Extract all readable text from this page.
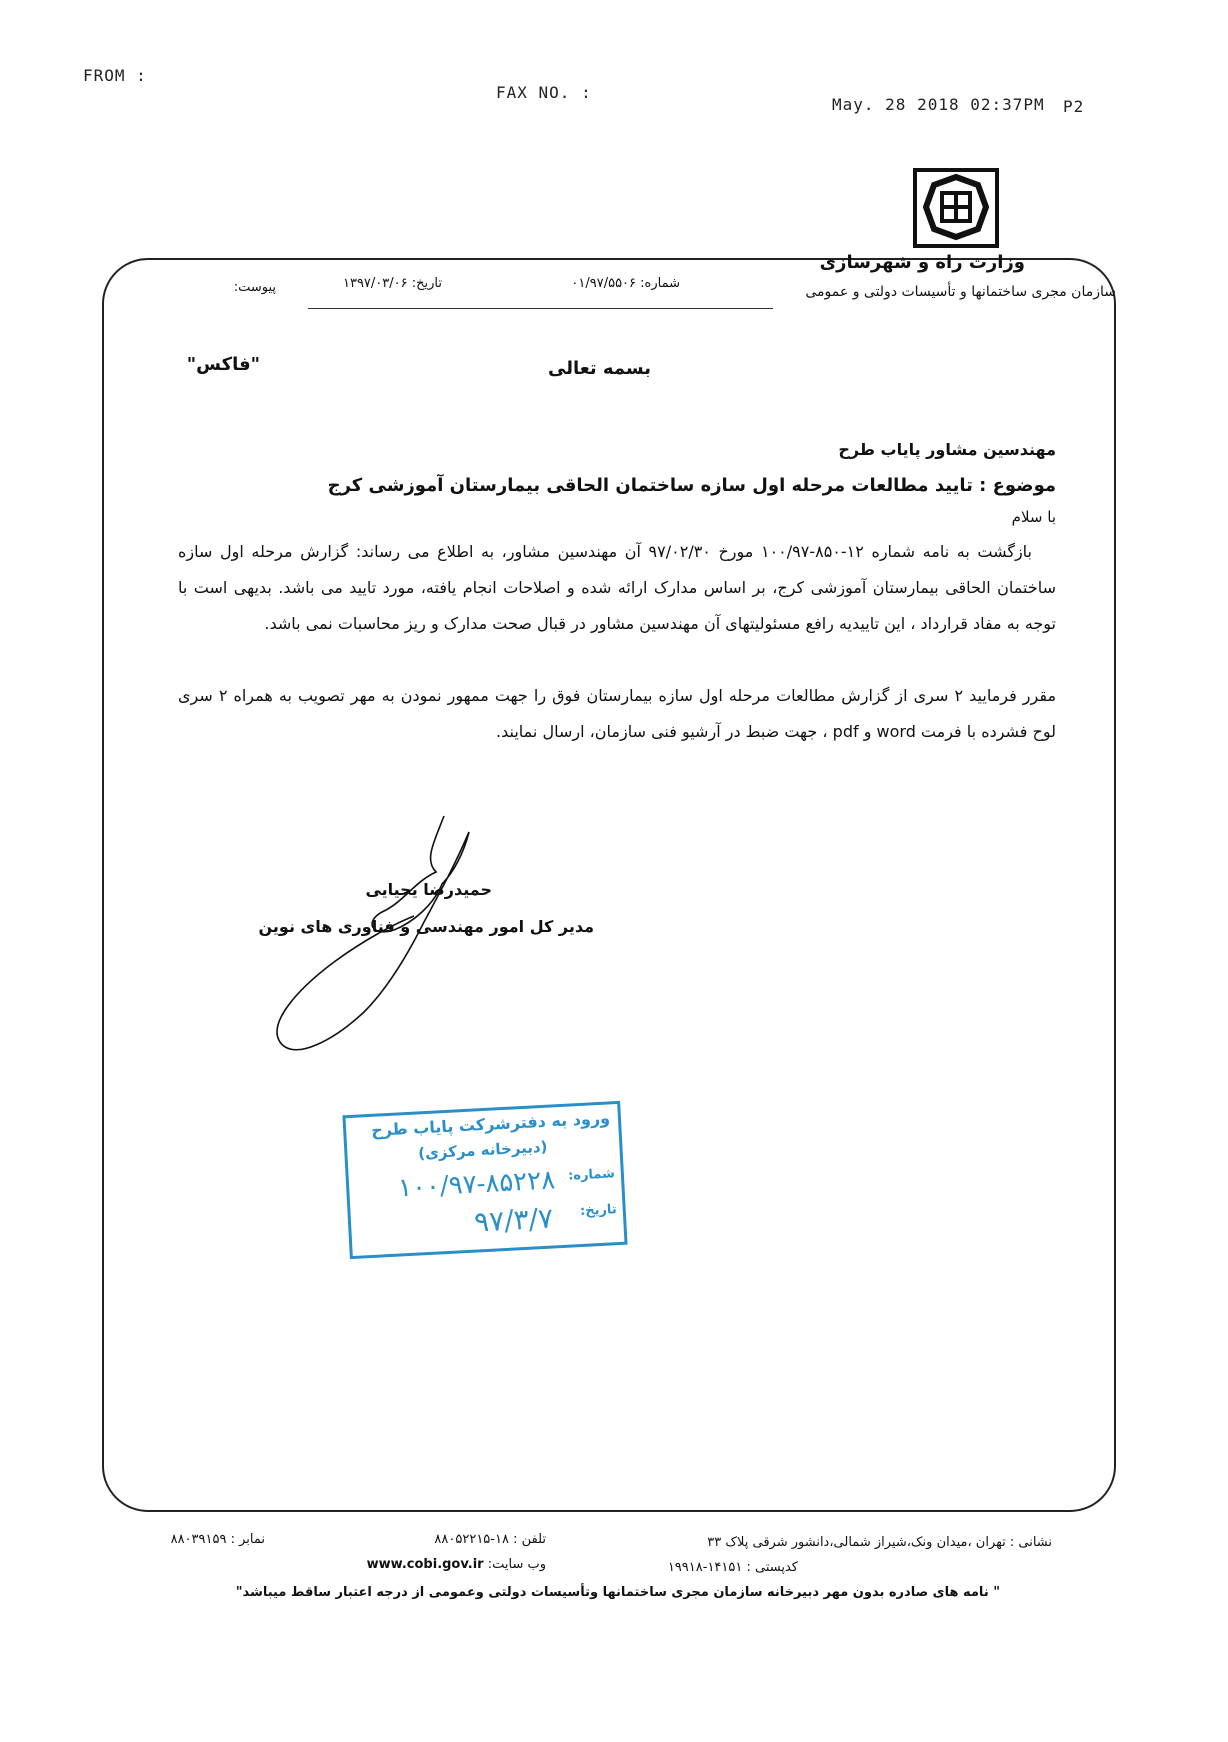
FROM :
FAX NO. :
May. 28 2018 02:37PM P2
وزارت راه و شهرسازی
سازمان مجری ساختمانها و تأسیسات دولتی و عمومی
شماره: ۰۱/۹۷/۵۵۰۶
تاریخ: ۱۳۹۷/۰۳/۰۶
پیوست:
بسمه تعالی
"فاکس"
مهندسین مشاور پایاب طرح
موضوع : تایید مطالعات مرحله اول سازه ساختمان الحاقی بیمارستان آموزشی کرج
با سلام
بازگشت به نامه شماره ۱۲-۸۵۰-۱۰۰/۹۷ مورخ ۹۷/۰۲/۳۰ آن مهندسین مشاور، به اطلاع می رساند: گزارش مرحله اول سازه ساختمان الحاقی بیمارستان آموزشی کرج، بر اساس مدارک ارائه شده و اصلاحات انجام یافته، مورد تایید می باشد. بدیهی است با توجه به مفاد قرارداد ، این تاییدیه رافع مسئولیتهای آن مهندسین مشاور در قبال صحت مدارک و ریز محاسبات نمی باشد.
مقرر فرمایید ۲ سری از گزارش مطالعات مرحله اول سازه بیمارستان فوق را جهت ممهور نمودن به مهر تصویب به همراه ۲ سری لوح فشرده با فرمت word و pdf ، جهت ضبط در آرشیو فنی سازمان، ارسال نمایند.
حمیدرضا یحیایی
مدیر کل امور مهندسی و فناوری های نوین
ورود به دفترشرکت پایاب طرح
(دبیرخانه مرکزی)
شماره:
۱۰۰/۹۷-۸۵۲۲۸
تاریخ:
۹۷/۳/۷
نشانی : تهران ،میدان ونک،شیراز شمالی،دانشور شرقی پلاک ۳۳
کدپستی : ۱۴۱۵۱-۱۹۹۱۸
تلفن : ۱۸-۸۸۰۵۲۲۱۵
وب سایت: www.cobi.gov.ir
نمابر : ۸۸۰۳۹۱۵۹
" نامه های صادره بدون مهر دبیرخانه سازمان مجری ساختمانها وتأسیسات دولتی وعمومی از درجه اعتبار ساقط میباشد"
